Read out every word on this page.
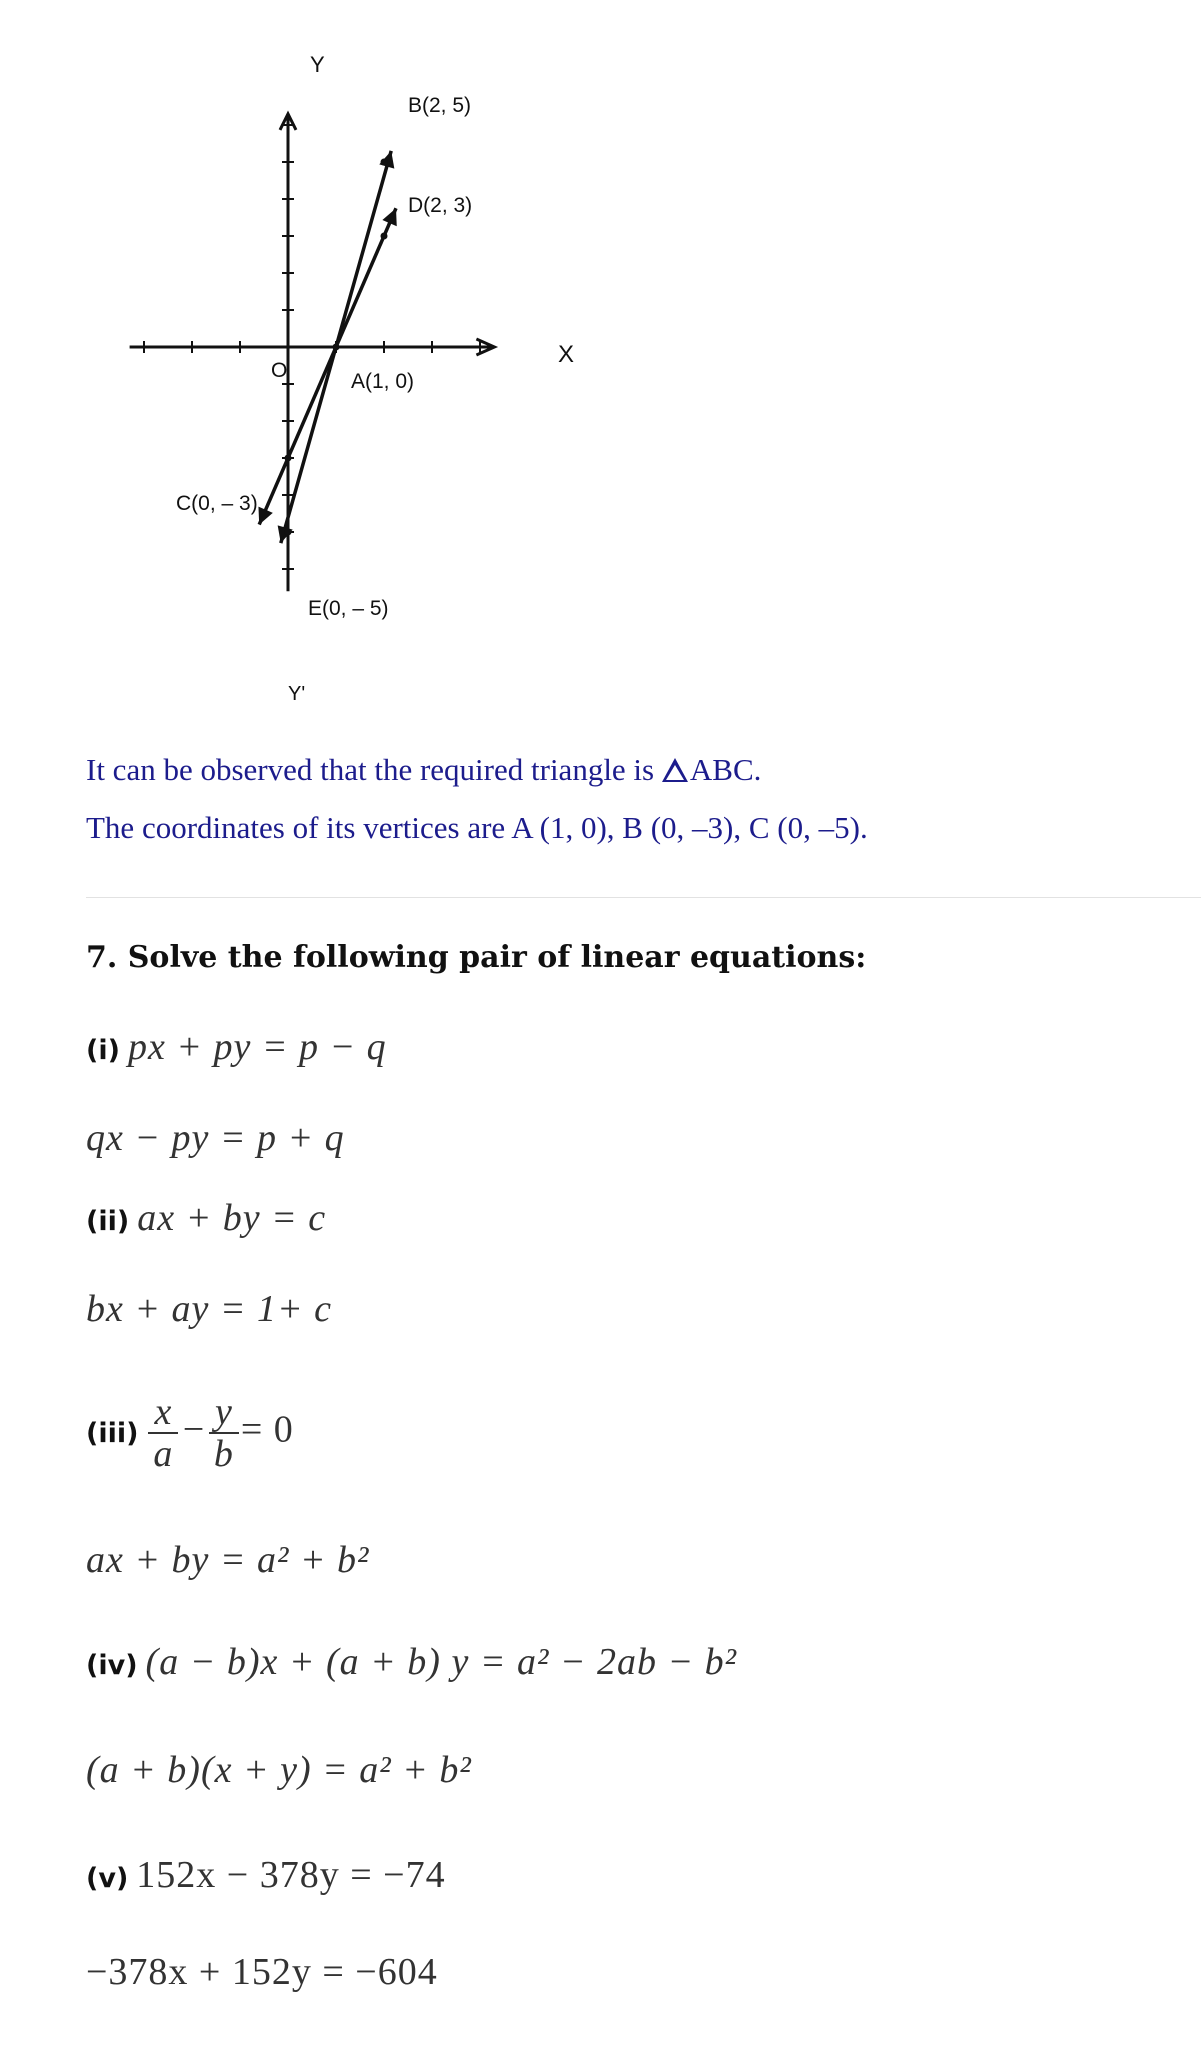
Y
X
Y'
O
B(2, 5)
D(2, 3)
A(1, 0)
C(0, – 3)
E(0, – 5)
It can be observed that the required triangle is ABC.
The coordinates of its vertices are A (1, 0), B (0, –3), C (0, –5).
7. Solve the following pair of linear equations:
(i) px + py = p − q
qx − py = p + q
(ii) ax + by = c
bx + ay = 1+ c
$(iii) \frac{x}{a} - \frac{y}{b} = 0$
ax + by = a² + b²
(iv) (a − b)x + (a + b) y = a² − 2ab − b²
(a + b)(x + y) = a² + b²
(v) 152x − 378y = −74
−378x + 152y = −604
